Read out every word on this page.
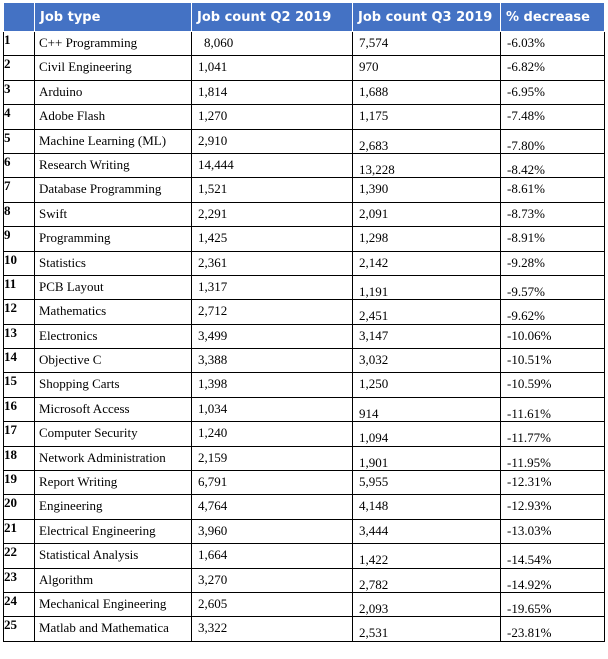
	Job type	Job count Q2 2019	Job count Q3 2019	% decrease
1	C++ Programming	8,060	7,574	-6.03%

2	Civil Engineering	1,041	970	-6.82%

3	Arduino	1,814	1,688	-6.95%

4	Adobe Flash	1,270	1,175	-7.48%

5	Machine Learning (ML)	2,910	2,683	-7.80%

6	Research Writing	14,444	13,228	-8.42%

7	Database Programming	1,521	1,390	-8.61%

8	Swift	2,291	2,091	-8.73%

9	Programming	1,425	1,298	-8.91%

10	Statistics	2,361	2,142	-9.28%

11	PCB Layout	1,317	1,191	-9.57%

12	Mathematics	2,712	2,451	-9.62%

13	Electronics	3,499	3,147	-10.06%

14	Objective C	3,388	3,032	-10.51%

15	Shopping Carts	1,398	1,250	-10.59%

16	Microsoft Access	1,034	914	-11.61%

17	Computer Security	1,240	1,094	-11.77%

18	Network Administration	2,159	1,901	-11.95%

19	Report Writing	6,791	5,955	-12.31%

20	Engineering	4,764	4,148	-12.93%

21	Electrical Engineering	3,960	3,444	-13.03%

22	Statistical Analysis	1,664	1,422	-14.54%

23	Algorithm	3,270	2,782	-14.92%

24	Mechanical Engineering	2,605	2,093	-19.65%

25	Matlab and Mathematica	3,322	2,531	-23.81%
